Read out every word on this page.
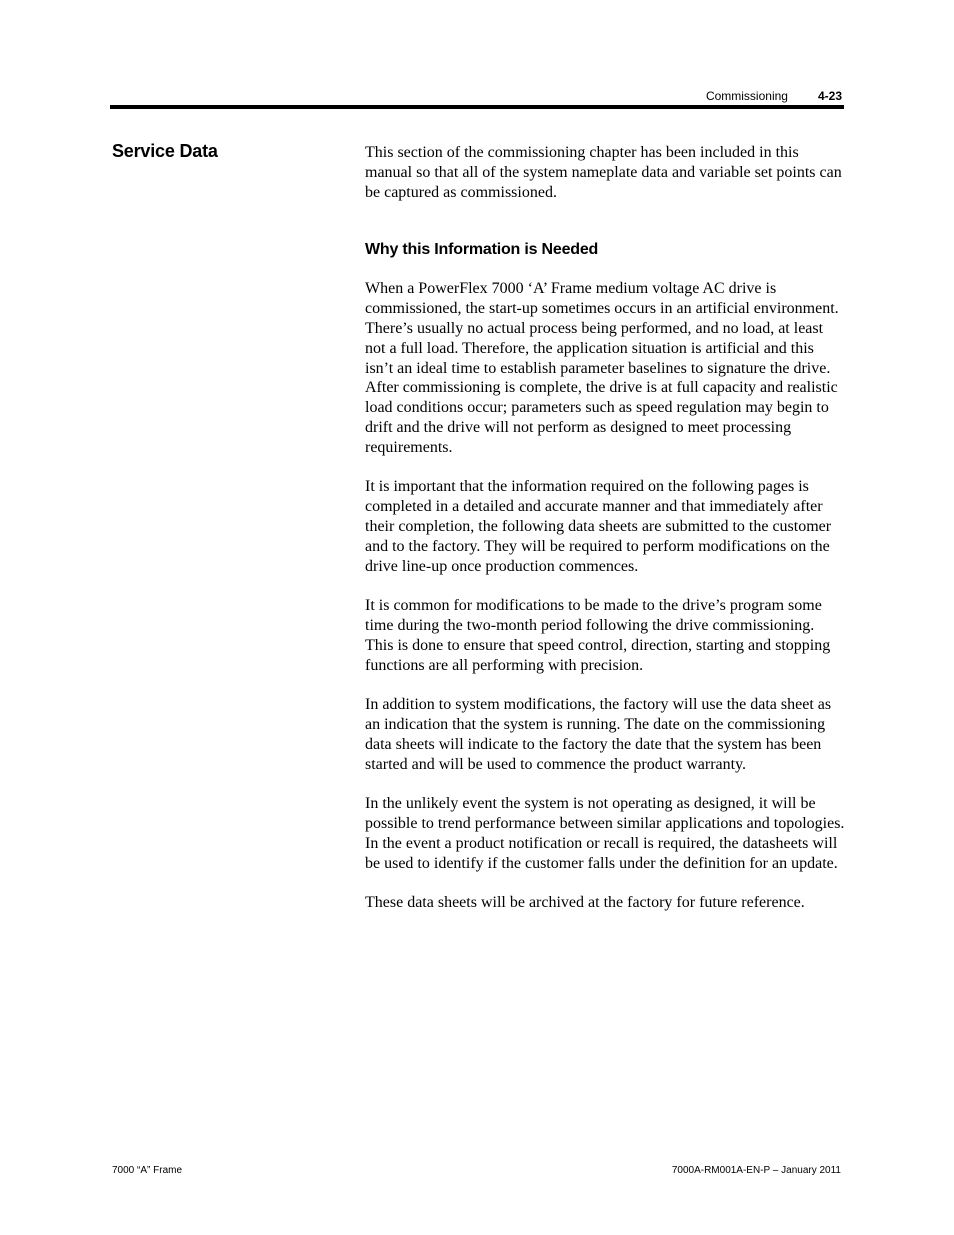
Commissioning	4-23
Service Data	This section of the commissioning chapter has been included in this manual so that all of the system nameplate data and variable set points can be captured as commissioned.

Why this Information is Needed

When a PowerFlex 7000 ‘A’ Frame medium voltage AC drive is commissioned, the start-up sometimes occurs in an artificial environment. There’s usually no actual process being performed, and no load, at least not a full load. Therefore, the application situation is artificial and this isn’t an ideal time to establish parameter baselines to signature the drive. After commissioning is complete, the drive is at full capacity and realistic load conditions occur; parameters such as speed regulation may begin to drift and the drive will not perform as designed to meet processing requirements.

It is important that the information required on the following pages is completed in a detailed and accurate manner and that immediately after their completion, the following data sheets are submitted to the customer and to the factory. They will be required to perform modifications on the drive line-up once production commences.

It is common for modifications to be made to the drive’s program some time during the two-month period following the drive commissioning. This is done to ensure that speed control, direction, starting and stopping functions are all performing with precision.

In addition to system modifications, the factory will use the data sheet as an indication that the system is running. The date on the commissioning data sheets will indicate to the factory the date that the system has been started and will be used to commence the product warranty.

In the unlikely event the system is not operating as designed, it will be possible to trend performance between similar applications and topologies. In the event a product notification or recall is required, the datasheets will be used to identify if the customer falls under the definition for an update.

These data sheets will be archived at the factory for future reference.

7000 “A” Frame	7000A-RM001A-EN-P – January 2011
